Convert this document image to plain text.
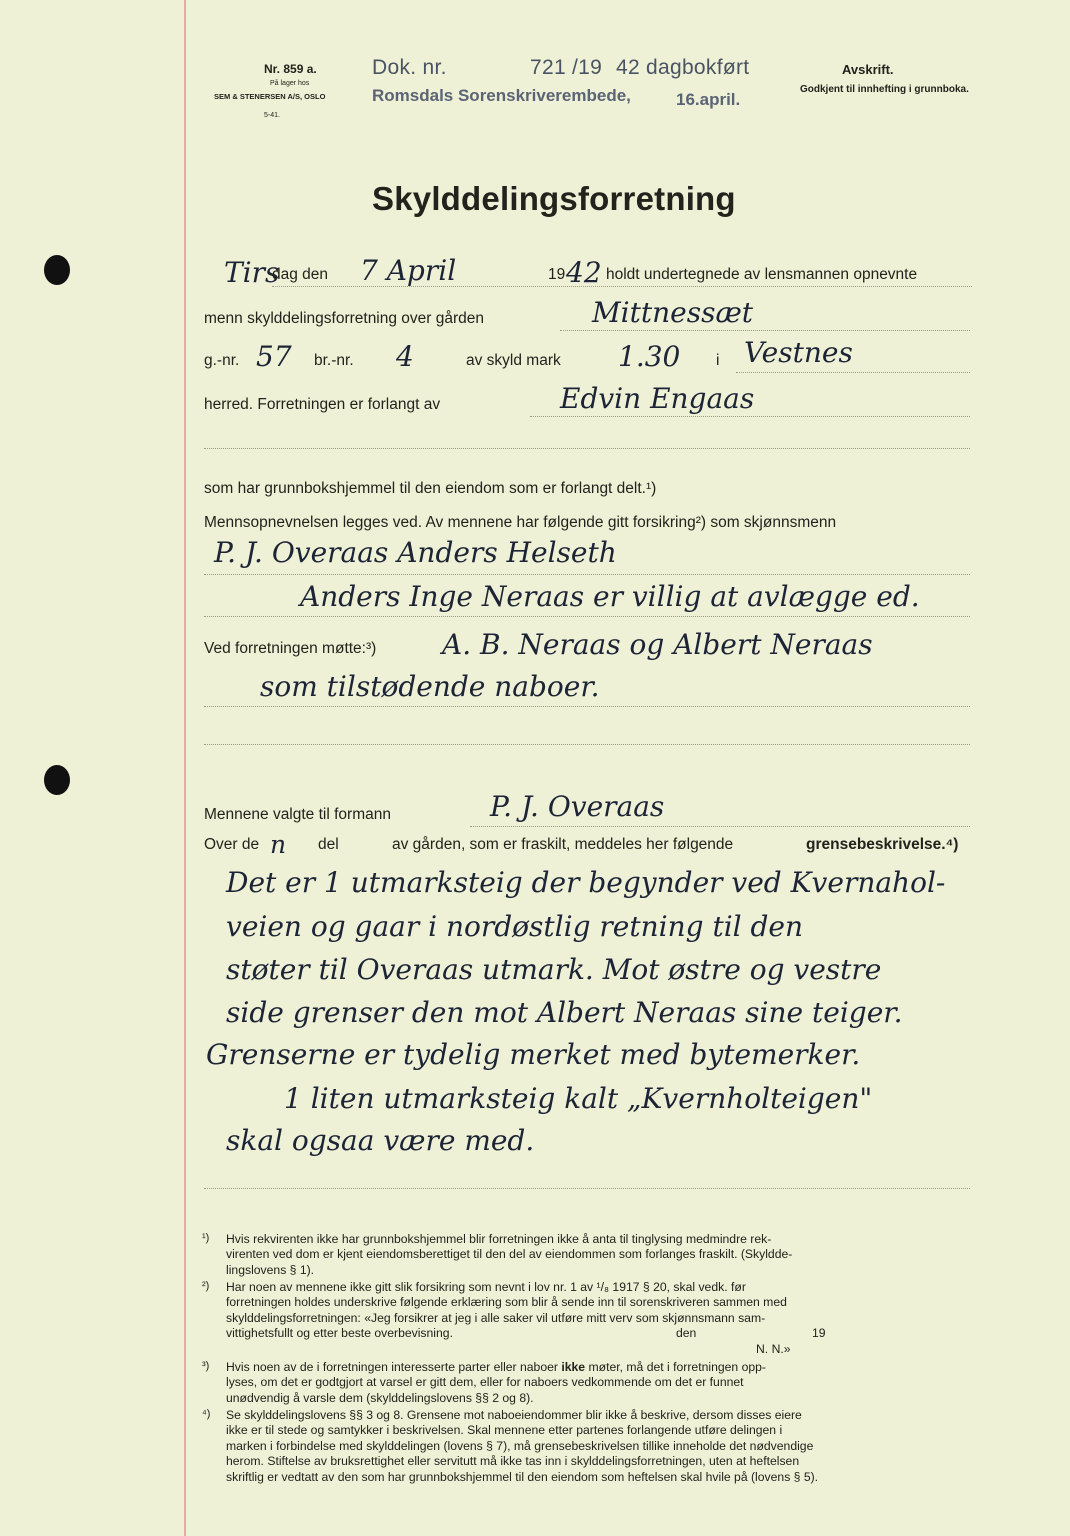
Nr. 859 a.
På lager hos
SEM & STENERSEN A/S, OSLO
5-41.
Dok. nr.	721 /19 42 dagbokført
Romsdals Sorenskriverembede,	16.april.
Avskrift.
Godkjent til innhefting i grunnboka.
Skylddelingsforretning
Tirs
dag den 7 April	19 42 holdt undertegnede av lensmannen opnevnte
menn skylddelingsforretning over gården	Mittnessæt
g.-nr. 57 br.-nr. 4	av skyld mark 1.30 i Vestnes
herred. Forretningen er forlangt av	Edvin Engaas
som har grunnbokshjemmel til den eiendom som er forlangt delt.¹)
Mennsopnevnelsen legges ved. Av mennene har følgende gitt forsikring²) som skjønnsmenn
P. J. Overaas Anders Helseth
Anders Inge Neraas er villig at avlægge ed.
Ved forretningen møtte:³) A. B. Neraas og Albert Neraas
som tilstødende naboer.
Mennene valgte til formann	P. J. Overaas
Over de n del	av gården, som er fraskilt, meddeles her følgende	grensebeskrivelse.⁴)
Det er 1 utmarksteig der begynder ved Kvernahol-
veien og gaar i nordøstlig retning til den
støter til Overaas utmark. Mot østre og vestre
side grenser den mot Albert Neraas sine teiger.
Grenserne er tydelig merket med bytemerker.
1 liten utmarksteig kalt „Kvernholteigen"
skal ogsaa være med.
¹) Hvis rekvirenten ikke har grunnbokshjemmel blir forretningen ikke å anta til tinglysing medmindre rek-
virenten ved dom er kjent eiendomsberettiget til den del av eiendommen som forlanges fraskilt. (Skyldde-
lingslovens § 1).
²) Har noen av mennene ikke gitt slik forsikring som nevnt i lov nr. 1 av ¹/₈ 1917 § 20, skal vedk. før
forretningen holdes underskrive følgende erklæring som blir å sende inn til sorenskriveren sammen med
skylddelingsforretningen: «Jeg forsikrer at jeg i alle saker vil utføre mitt verv som skjønnsmann sam-
vittighetsfullt og etter beste overbevisning.	den	19
N. N.»
³) Hvis noen av de i forretningen interesserte parter eller naboer ikke møter, må det i forretningen opp-
lyses, om det er godtgjort at varsel er gitt dem, eller for naboers vedkommende om det er funnet
unødvendig å varsle dem (skylddelingslovens §§ 2 og 8).
⁴) Se skylddelingslovens §§ 3 og 8. Grensene mot naboeiendommer blir ikke å beskrive, dersom disses eiere
ikke er til stede og samtykker i beskrivelsen. Skal mennene etter partenes forlangende utføre delingen i
marken i forbindelse med skylddelingen (lovens § 7), må grensebeskrivelsen tillike inneholde det nødvendige
herom. Stiftelse av bruksrettighet eller servitutt må ikke tas inn i skylddelingsforretningen, uten at heftelsen
skriftlig er vedtatt av den som har grunnbokshjemmel til den eiendom som heftelsen skal hvile på (lovens § 5).
